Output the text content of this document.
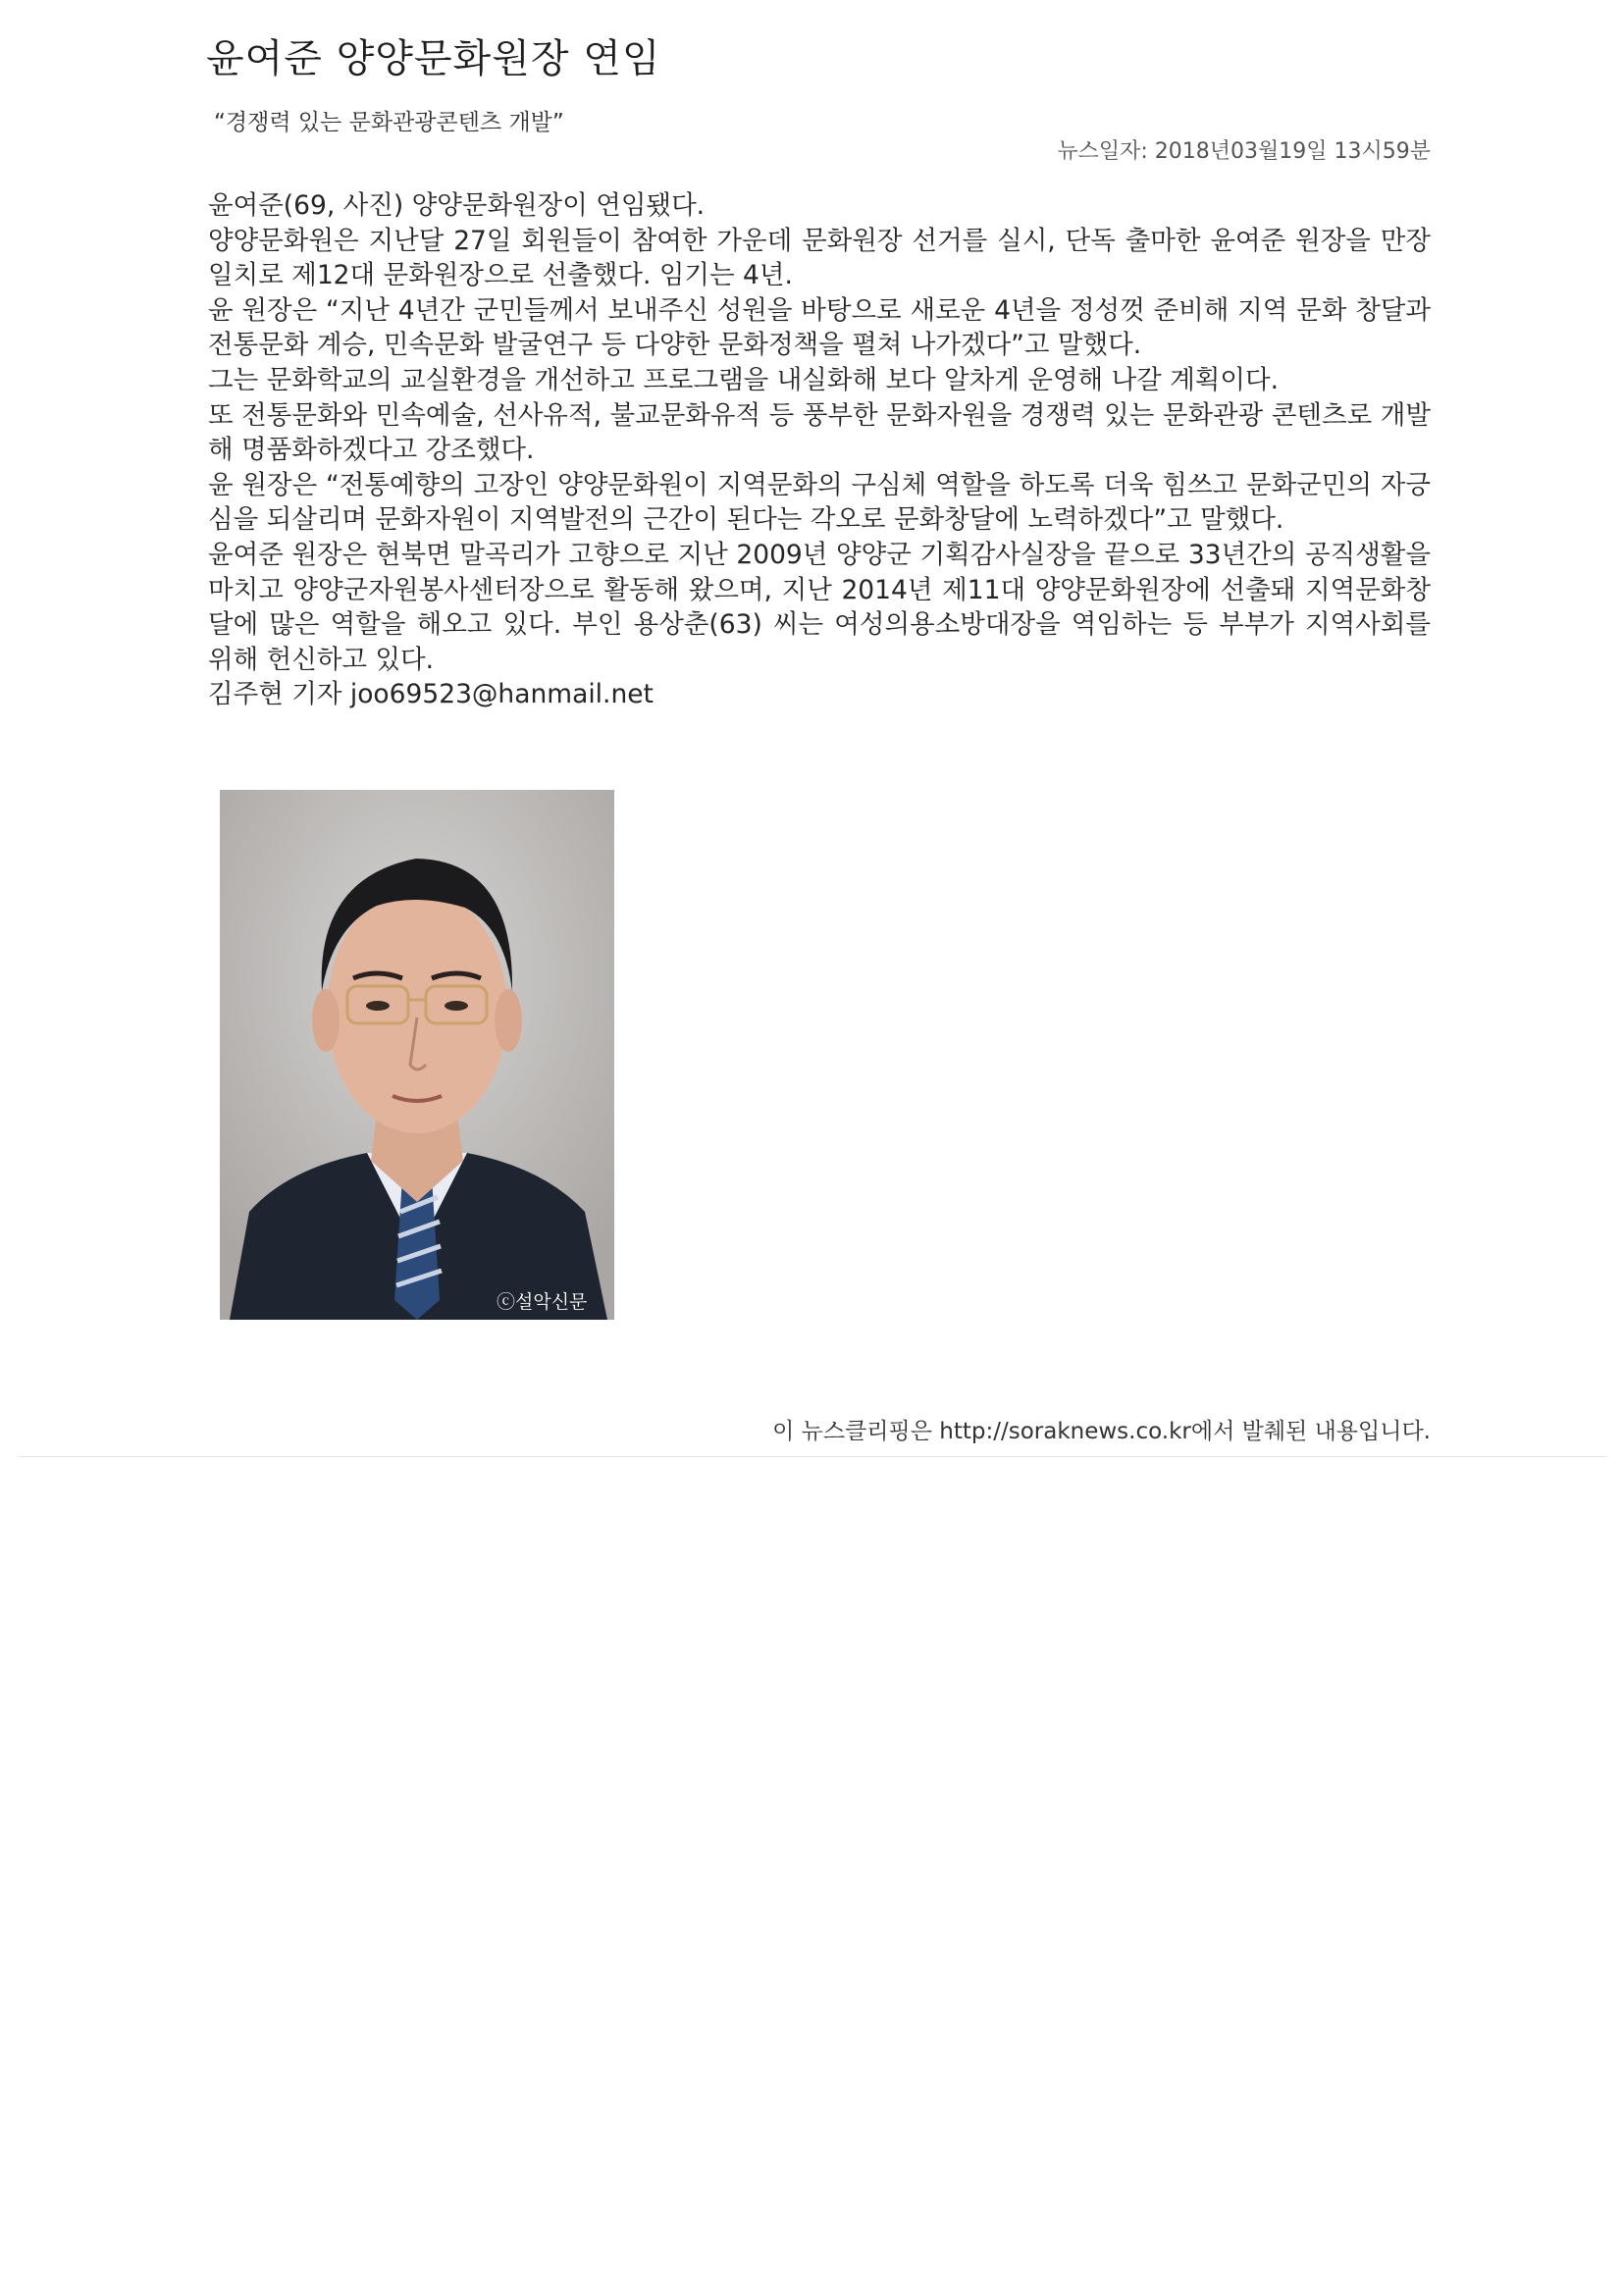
윤여준 양양문화원장 연임
“경쟁력 있는 문화관광콘텐츠 개발”
뉴스일자: 2018년03월19일 13시59분

윤여준(69, 사진) 양양문화원장이 연임됐다.

양양문화원은 지난달 27일 회원들이 참여한 가운데 문화원장 선거를 실시, 단독 출마한 윤여준 원장을 만장일치로 제12대 문화원장으로 선출했다. 임기는 4년.

윤 원장은 “지난 4년간 군민들께서 보내주신 성원을 바탕으로 새로운 4년을 정성껏 준비해 지역 문화 창달과 전통문화 계승, 민속문화 발굴연구 등 다양한 문화정책을 펼쳐 나가겠다”고 말했다.

그는 문화학교의 교실환경을 개선하고 프로그램을 내실화해 보다 알차게 운영해 나갈 계획이다.

또 전통문화와 민속예술, 선사유적, 불교문화유적 등 풍부한 문화자원을 경쟁력 있는 문화관광 콘텐츠로 개발해 명품화하겠다고 강조했다.

윤 원장은 “전통예향의 고장인 양양문화원이 지역문화의 구심체 역할을 하도록 더욱 힘쓰고 문화군민의 자긍심을 되살리며 문화자원이 지역발전의 근간이 된다는 각오로 문화창달에 노력하겠다”고 말했다.

윤여준 원장은 현북면 말곡리가 고향으로 지난 2009년 양양군 기획감사실장을 끝으로 33년간의 공직생활을 마치고 양양군자원봉사센터장으로 활동해 왔으며, 지난 2014년 제11대 양양문화원장에 선출돼 지역문화창달에 많은 역할을 해오고 있다. 부인 용상춘(63) 씨는 여성의용소방대장을 역임하는 등 부부가 지역사회를 위해 헌신하고 있다.

김주현 기자 joo69523@hanmail.net

ⓒ설악신문
이 뉴스클리핑은 http://soraknews.co.kr에서 발췌된 내용입니다.
